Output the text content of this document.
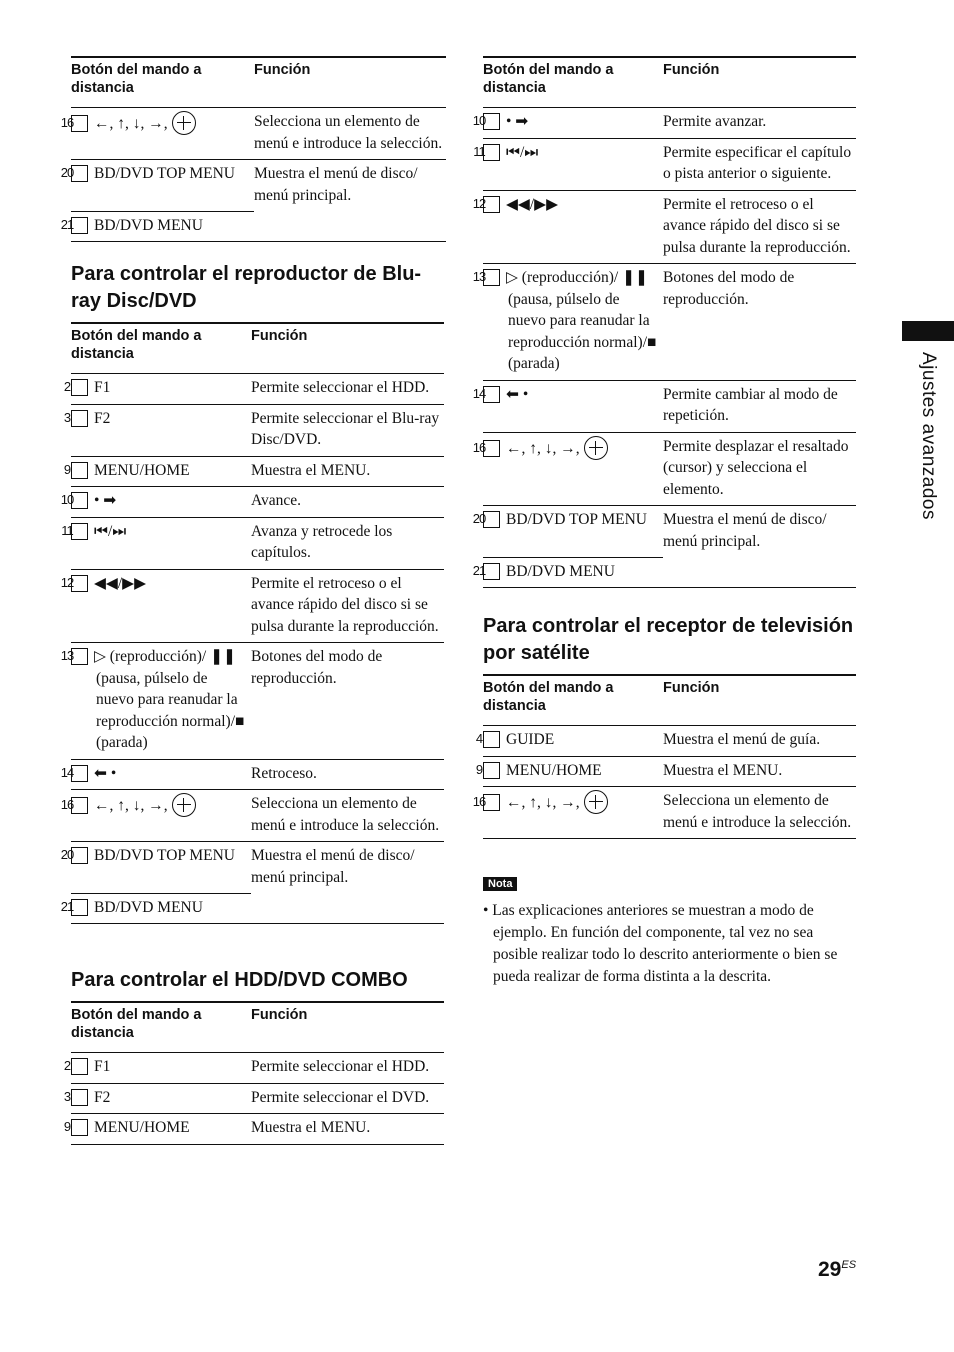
Botón del mando a distancia	Función

16 ←, ↑, ↓, →,	Selecciona un elemento de menú e introduce la selección.

20 BD/DVD TOP MENU	Muestra el menú de disco/ menú principal.

21 BD/DVD MENU	

Para controlar el reproductor de Blu-ray Disc/DVD
Botón del mando a distancia	Función

2 F1	Permite seleccionar el HDD.

3 F2	Permite seleccionar el Blu-ray Disc/DVD.

9 MENU/HOME	Muestra el MENU.

10 • ➡	Avance.

11 ⏮/⏭	Avanza y retrocede los capítulos.

12 ◀◀/▶▶	Permite el retroceso o el avance rápido del disco si se pulsa durante la reproducción.

13 ▷ (reproducción)/ ❚❚ (pausa, púlselo de nuevo para reanudar la reproducción normal)/■ (parada)	Botones del modo de reproducción.

14 ⬅ •	Retroceso.

16 ←, ↑, ↓, →,	Selecciona un elemento de menú e introduce la selección.

20 BD/DVD TOP MENU	Muestra el menú de disco/ menú principal.

21 BD/DVD MENU	

Para controlar el HDD/DVD COMBO
Botón del mando a distancia	Función

2 F1	Permite seleccionar el HDD.

3 F2	Permite seleccionar el DVD.

9 MENU/HOME	Muestra el MENU.
Botón del mando a distancia	Función

10 • ➡	Permite avanzar.

11 ⏮/⏭	Permite especificar el capítulo o pista anterior o siguiente.

12 ◀◀/▶▶	Permite el retroceso o el avance rápido del disco si se pulsa durante la reproducción.

13 ▷ (reproducción)/ ❚❚ (pausa, púlselo de nuevo para reanudar la reproducción normal)/■ (parada)	Botones del modo de reproducción.

14 ⬅ •	Permite cambiar al modo de repetición.

16 ←, ↑, ↓, →,	Permite desplazar el resaltado (cursor) y selecciona el elemento.

20 BD/DVD TOP MENU	Muestra el menú de disco/ menú principal.

21 BD/DVD MENU	

Para controlar el receptor de televisión por satélite
Botón del mando a distancia	Función

4 GUIDE	Muestra el menú de guía.

9 MENU/HOME	Muestra el MENU.

16 ←, ↑, ↓, →,	Selecciona un elemento de menú e introduce la selección.
Nota
• Las explicaciones anteriores se muestran a modo de ejemplo. En función del componente, tal vez no sea posible realizar todo lo descrito anteriormente o bien se pueda realizar de forma distinta a la descrita.
Ajustes avanzados
$29^{ES}$
